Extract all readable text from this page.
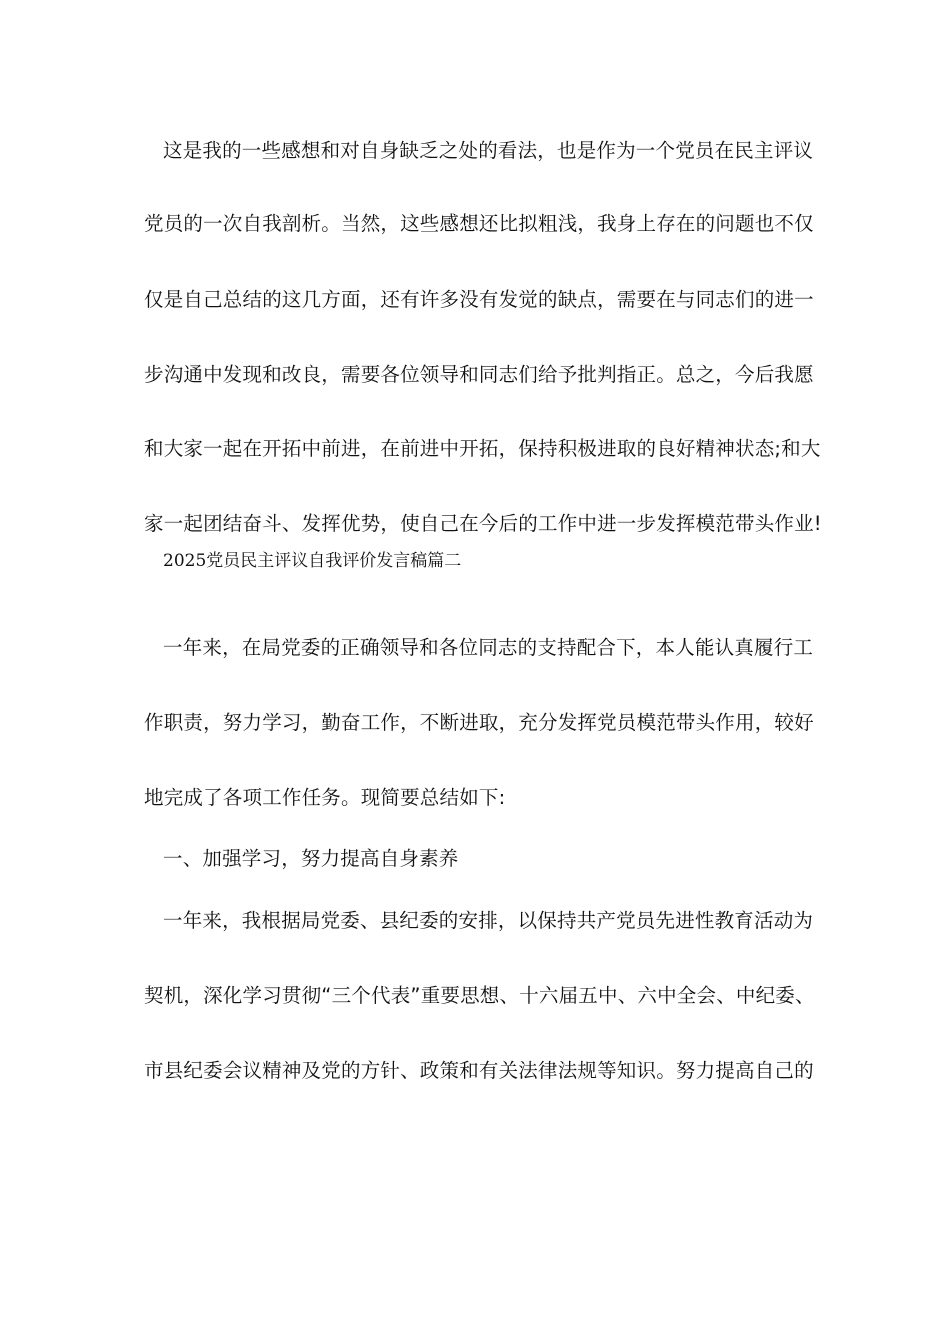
这是我的一些感想和对自身缺乏之处的看法，也是作为一个党员在民主评议
党员的一次自我剖析。当然，这些感想还比拟粗浅，我身上存在的问题也不仅
仅是自己总结的这几方面，还有许多没有发觉的缺点，需要在与同志们的进一
步沟通中发现和改良，需要各位领导和同志们给予批判指正。总之，今后我愿
和大家一起在开拓中前进，在前进中开拓，保持积极进取的良好精神状态;和大
家一起团结奋斗、发挥优势，使自己在今后的工作中进一步发挥模范带头作业!
2025党员民主评议自我评价发言稿篇二
一年来，在局党委的正确领导和各位同志的支持配合下，本人能认真履行工
作职责，努力学习，勤奋工作，不断进取，充分发挥党员模范带头作用，较好
地完成了各项工作任务。现简要总结如下:
一、加强学习，努力提高自身素养
一年来，我根据局党委、县纪委的安排，以保持共产党员先进性教育活动为
契机，深化学习贯彻“三个代表”重要思想、十六届五中、六中全会、中纪委、
市县纪委会议精神及党的方针、政策和有关法律法规等知识。努力提高自己的
